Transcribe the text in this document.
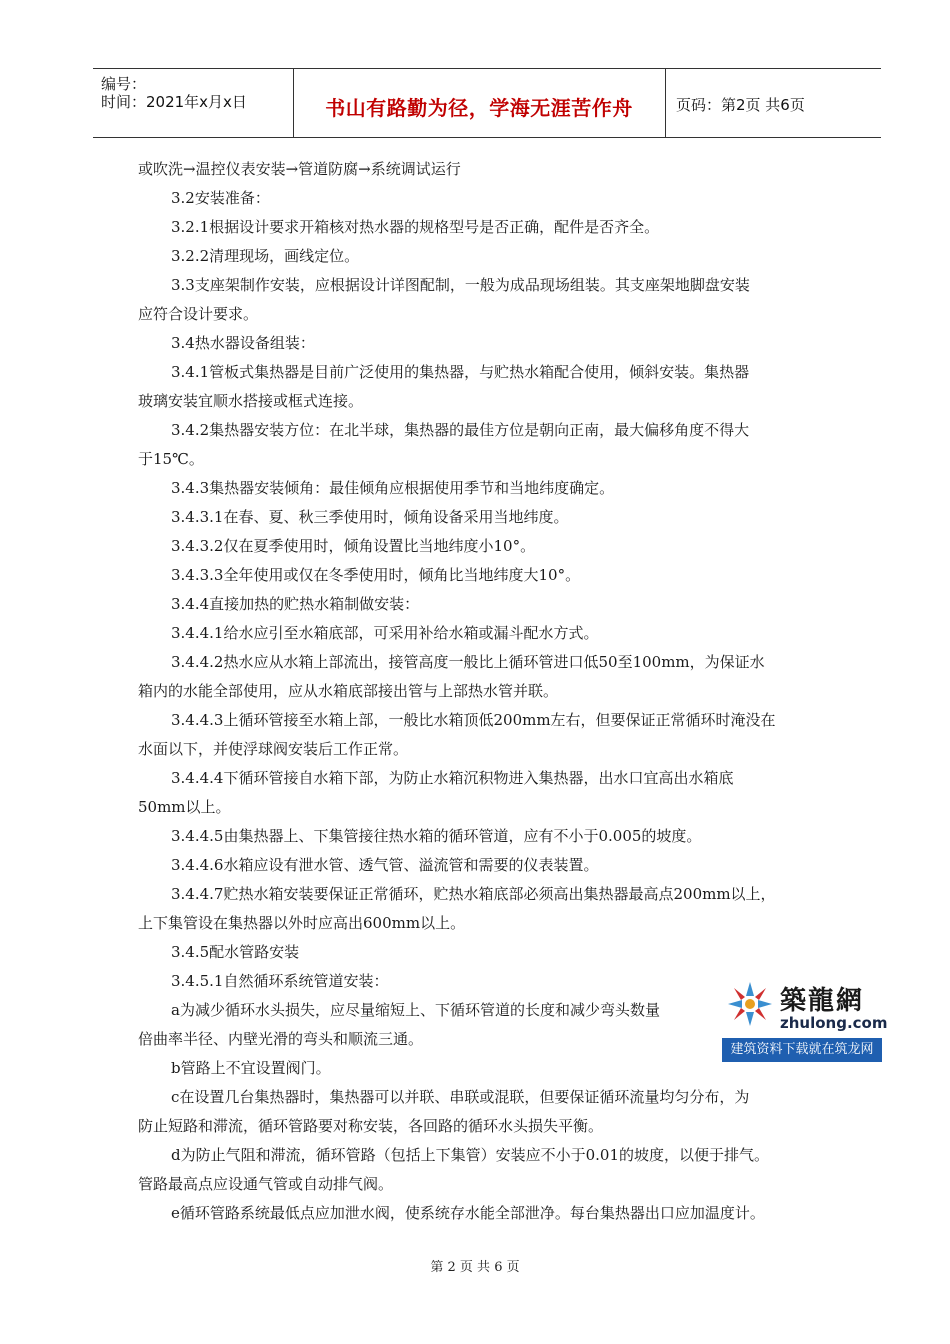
编号：
时间：2021年x月x日	书山有路勤为径，学海无涯苦作舟	页码：第2页 共6页
或吹洗→温控仪表安装→管道防腐→系统调试运行
3.2安装准备：
3.2.1根据设计要求开箱核对热水器的规格型号是否正确，配件是否齐全。
3.2.2清理现场，画线定位。
3.3支座架制作安装，应根据设计详图配制，一般为成品现场组装。其支座架地脚盘安装
应符合设计要求。
3.4热水器设备组装：
3.4.1管板式集热器是目前广泛使用的集热器，与贮热水箱配合使用，倾斜安装。集热器
玻璃安装宜顺水搭接或框式连接。
3.4.2集热器安装方位：在北半球，集热器的最佳方位是朝向正南，最大偏移角度不得大
于15℃。
3.4.3集热器安装倾角：最佳倾角应根据使用季节和当地纬度确定。
3.4.3.1在春、夏、秋三季使用时，倾角设备采用当地纬度。
3.4.3.2仅在夏季使用时，倾角设置比当地纬度小10°。
3.4.3.3全年使用或仅在冬季使用时，倾角比当地纬度大10°。
3.4.4直接加热的贮热水箱制做安装：
3.4.4.1给水应引至水箱底部，可采用补给水箱或漏斗配水方式。
3.4.4.2热水应从水箱上部流出，接管高度一般比上循环管进口低50至100mm，为保证水
箱内的水能全部使用，应从水箱底部接出管与上部热水管并联。
3.4.4.3上循环管接至水箱上部，一般比水箱顶低200mm左右，但要保证正常循环时淹没在
水面以下，并使浮球阀安装后工作正常。
3.4.4.4下循环管接自水箱下部，为防止水箱沉积物进入集热器，出水口宜高出水箱底
50mm以上。
3.4.4.5由集热器上、下集管接往热水箱的循环管道，应有不小于0.005的坡度。
3.4.4.6水箱应设有泄水管、透气管、溢流管和需要的仪表装置。
3.4.4.7贮热水箱安装要保证正常循环，贮热水箱底部必须高出集热器最高点200mm以上，
上下集管设在集热器以外时应高出600mm以上。
3.4.5配水管路安装
3.4.5.1自然循环系统管道安装：
a为减少循环水头损失，应尽量缩短上、下循环管道的长度和减少弯头数量
倍曲率半径、内壁光滑的弯头和顺流三通。
b管路上不宜设置阀门。
c在设置几台集热器时，集热器可以并联、串联或混联，但要保证循环流量均匀分布，为
防止短路和滞流，循环管路要对称安装，各回路的循环水头损失平衡。
d为防止气阻和滞流，循环管路（包括上下集管）安装应不小于0.01的坡度，以便于排气。
管路最高点应设通气管或自动排气阀。
e循环管路系统最低点应加泄水阀，使系统存水能全部泄净。每台集热器出口应加温度计。
築龍網
zhulong.com
建筑资料下载就在筑龙网
第 2 页 共 6 页
